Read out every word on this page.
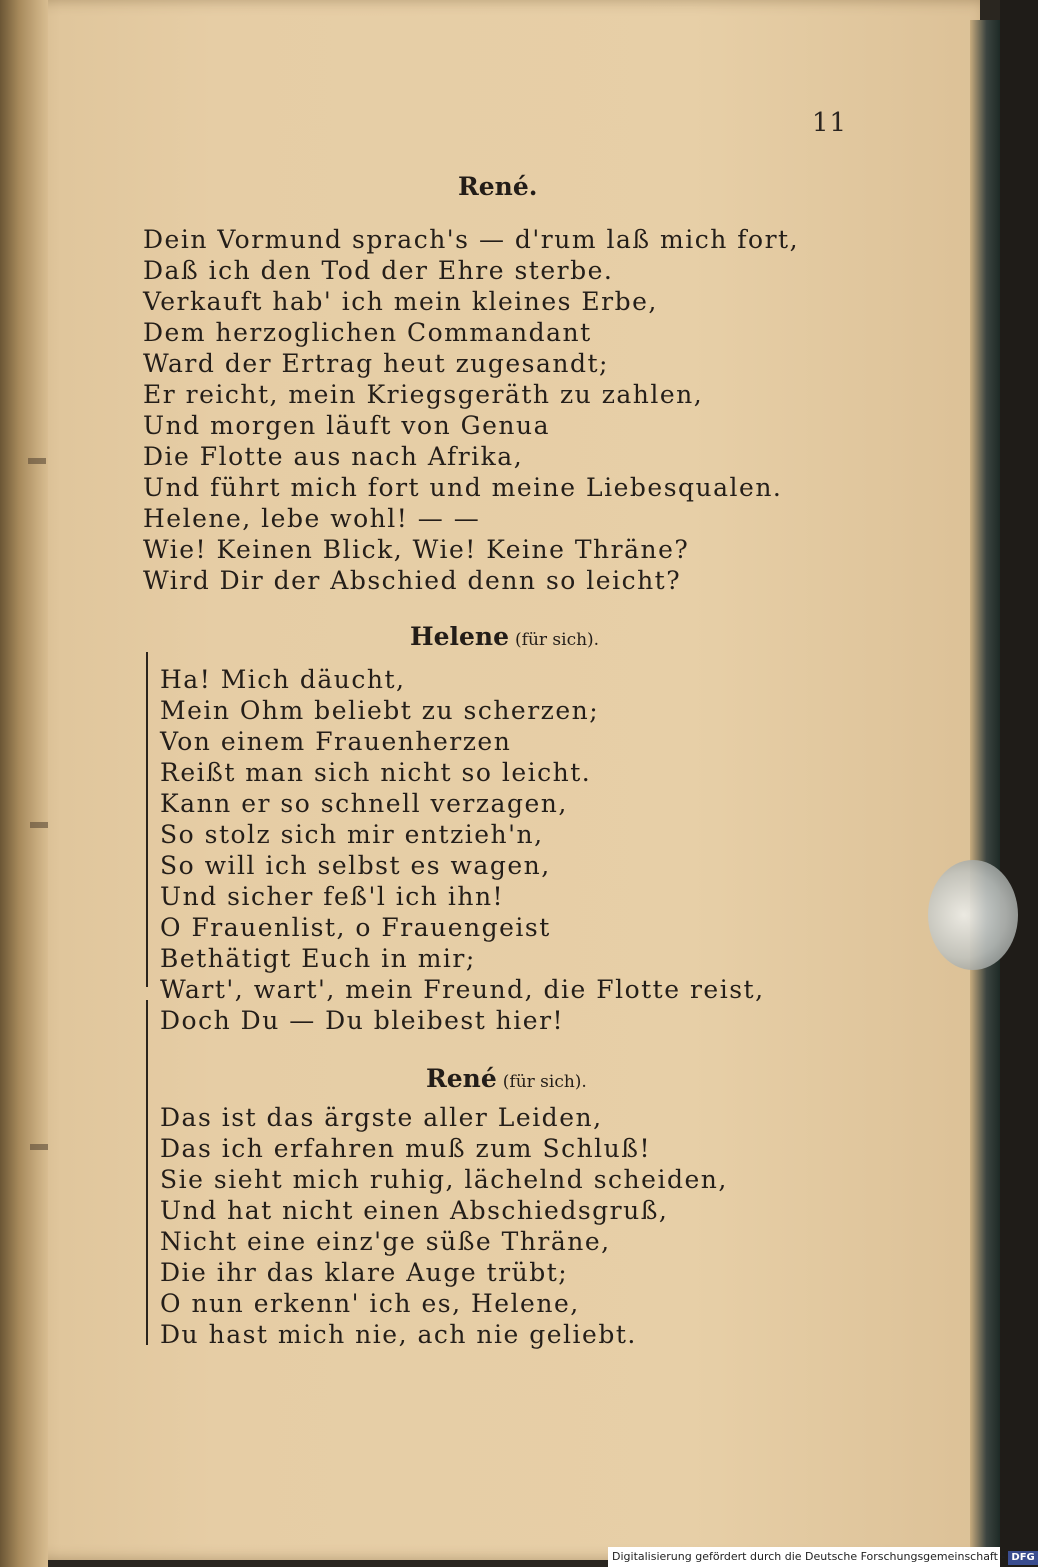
11
René.
Dein Vormund sprach's — d'rum laß mich fort,
Daß ich den Tod der Ehre sterbe.
Verkauft hab' ich mein kleines Erbe,
Dem herzoglichen Commandant
Ward der Ertrag heut zugesandt;
Er reicht, mein Kriegsgeräth zu zahlen,
Und morgen läuft von Genua
Die Flotte aus nach Afrika,
Und führt mich fort und meine Liebesqualen.
Helene, lebe wohl! — —
Wie! Keinen Blick, Wie! Keine Thräne?
Wird Dir der Abschied denn so leicht?
Helene (für sich).
Ha! Mich däucht,
Mein Ohm beliebt zu scherzen;
Von einem Frauenherzen
Reißt man sich nicht so leicht.
Kann er so schnell verzagen,
So stolz sich mir entzieh'n,
So will ich selbst es wagen,
Und sicher feß'l ich ihn!
O Frauenlist, o Frauengeist
Bethätigt Euch in mir;
Wart', wart', mein Freund, die Flotte reist,
Doch Du — Du bleibest hier!
René (für sich).
Das ist das ärgste aller Leiden,
Das ich erfahren muß zum Schluß!
Sie sieht mich ruhig, lächelnd scheiden,
Und hat nicht einen Abschiedsgruß,
Nicht eine einz'ge süße Thräne,
Die ihr das klare Auge trübt;
O nun erkenn' ich es, Helene,
Du hast mich nie, ach nie geliebt.
Digitalisierung gefördert durch die Deutsche Forschungsgemeinschaft - DFG
